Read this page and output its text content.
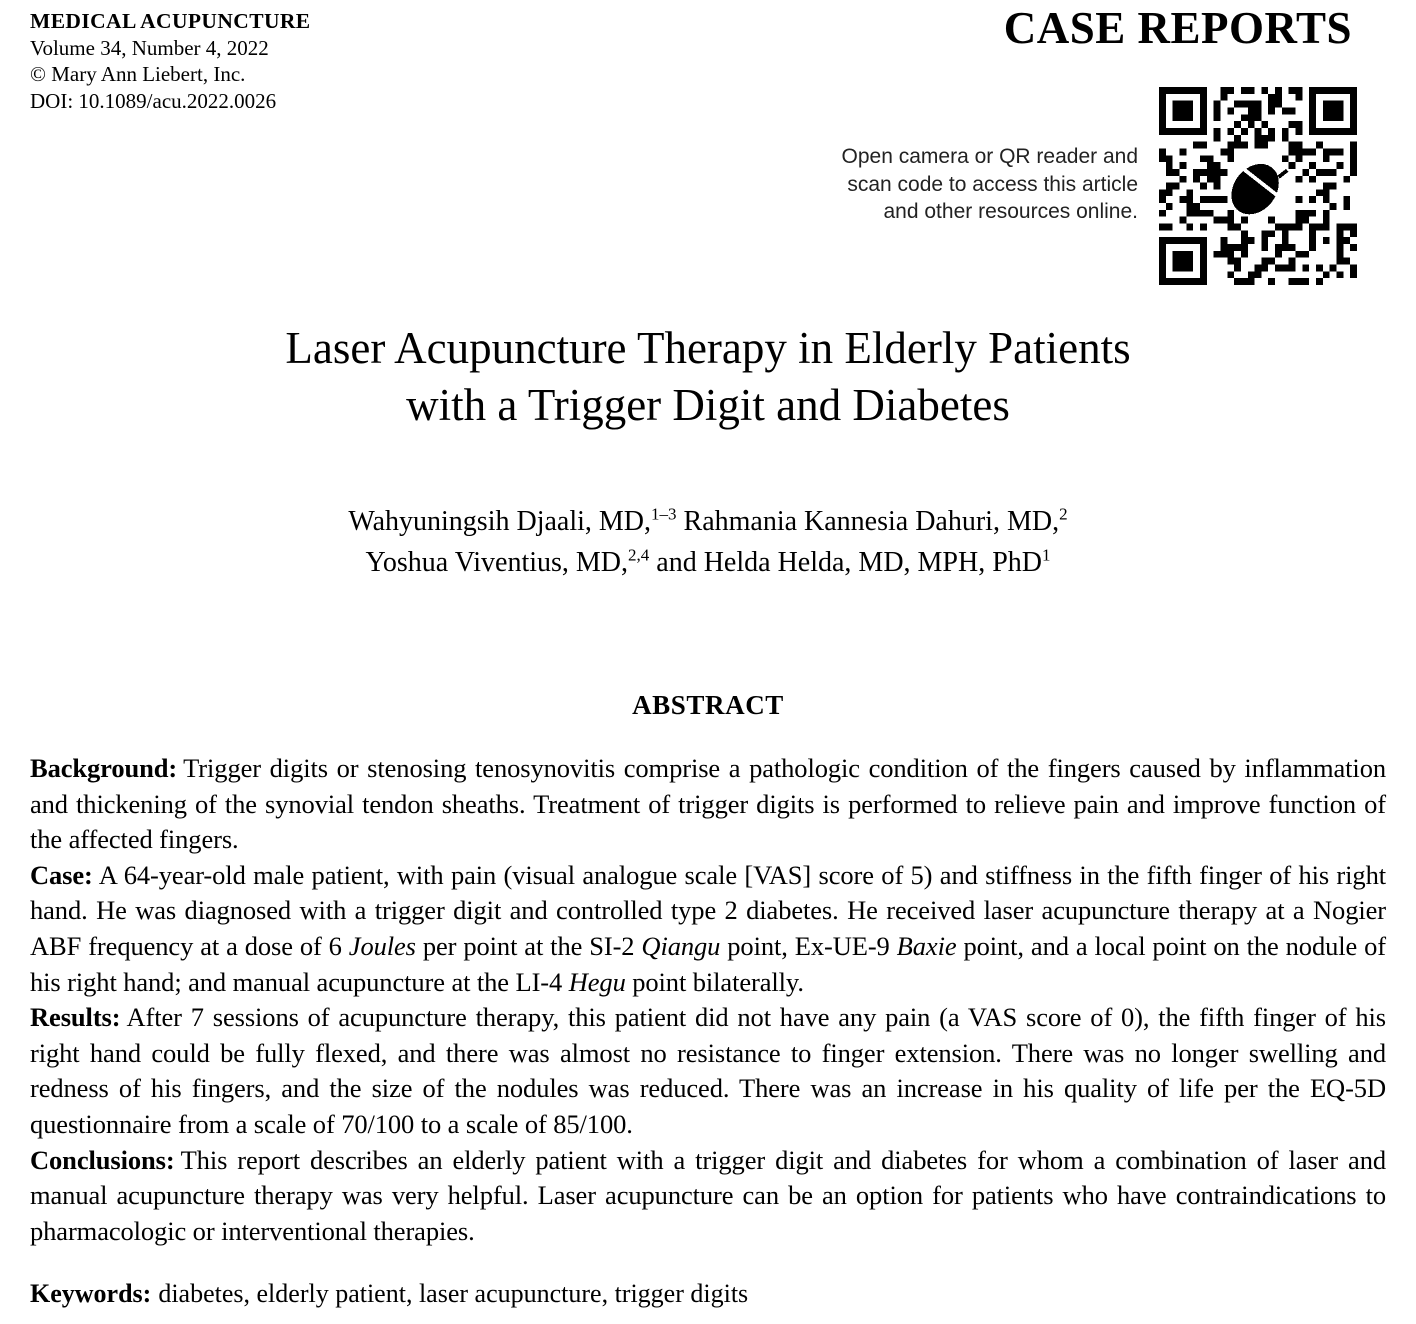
MEDICAL ACUPUNCTURE
Volume 34, Number 4, 2022
© Mary Ann Liebert, Inc.
DOI: 10.1089/acu.2022.0026
CASE REPORTS
Open camera or QR reader and
scan code to access this article
and other resources online.
Laser Acupuncture Therapy in Elderly Patients
with a Trigger Digit and Diabetes
Wahyuningsih Djaali, MD,$^{1-3}$ Rahmania Kannesia Dahuri, MD,$^2$
Yoshua Viventius, MD,$^{2,4}$ and Helda Helda, MD, MPH, PhD$^1$
ABSTRACT
Background: Trigger digits or stenosing tenosynovitis comprise a pathologic condition of the fingers caused by inflammation and thickening of the synovial tendon sheaths. Treatment of trigger digits is performed to relieve pain and improve function of the affected fingers.
Case: A 64-year-old male patient, with pain (visual analogue scale [VAS] score of 5) and stiffness in the fifth finger of his right hand. He was diagnosed with a trigger digit and controlled type 2 diabetes. He received laser acupuncture therapy at a Nogier ABF frequency at a dose of 6 Joules per point at the SI-2 Qiangu point, Ex-UE-9 Baxie point, and a local point on the nodule of his right hand; and manual acupuncture at the LI-4 Hegu point bilaterally.
Results: After 7 sessions of acupuncture therapy, this patient did not have any pain (a VAS score of 0), the fifth finger of his right hand could be fully flexed, and there was almost no resistance to finger extension. There was no longer swelling and redness of his fingers, and the size of the nodules was reduced. There was an increase in his quality of life per the EQ-5D questionnaire from a scale of 70/100 to a scale of 85/100.
Conclusions: This report describes an elderly patient with a trigger digit and diabetes for whom a combination of laser and manual acupuncture therapy was very helpful. Laser acupuncture can be an option for patients who have contraindications to pharmacologic or interventional therapies.
Keywords: diabetes, elderly patient, laser acupuncture, trigger digits
